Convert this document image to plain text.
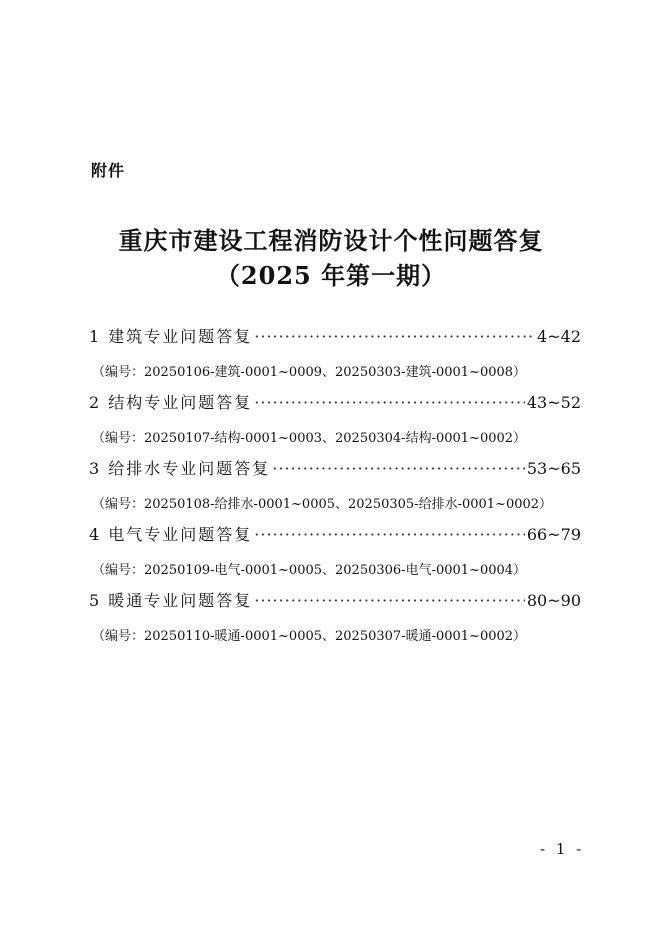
附件
重庆市建设工程消防设计个性问题答复
（2025 年第一期）
1 建筑专业问题答复 ·····	4~42
（编号：20250106-建筑-0001~0009、20250303-建筑-0001~0008）
2 结构专业问题答复 ·····	43~52
（编号：20250107-结构-0001~0003、20250304-结构-0001~0002）
3 给排水专业问题答复 ·····	53~65
（编号：20250108-给排水-0001~0005、20250305-给排水-0001~0002）
4 电气专业问题答复 ·····	66~79
（编号：20250109-电气-0001~0005、20250306-电气-0001~0004）
5 暖通专业问题答复 ·····	80~90
（编号：20250110-暖通-0001~0005、20250307-暖通-0001~0002）
- 1 -
